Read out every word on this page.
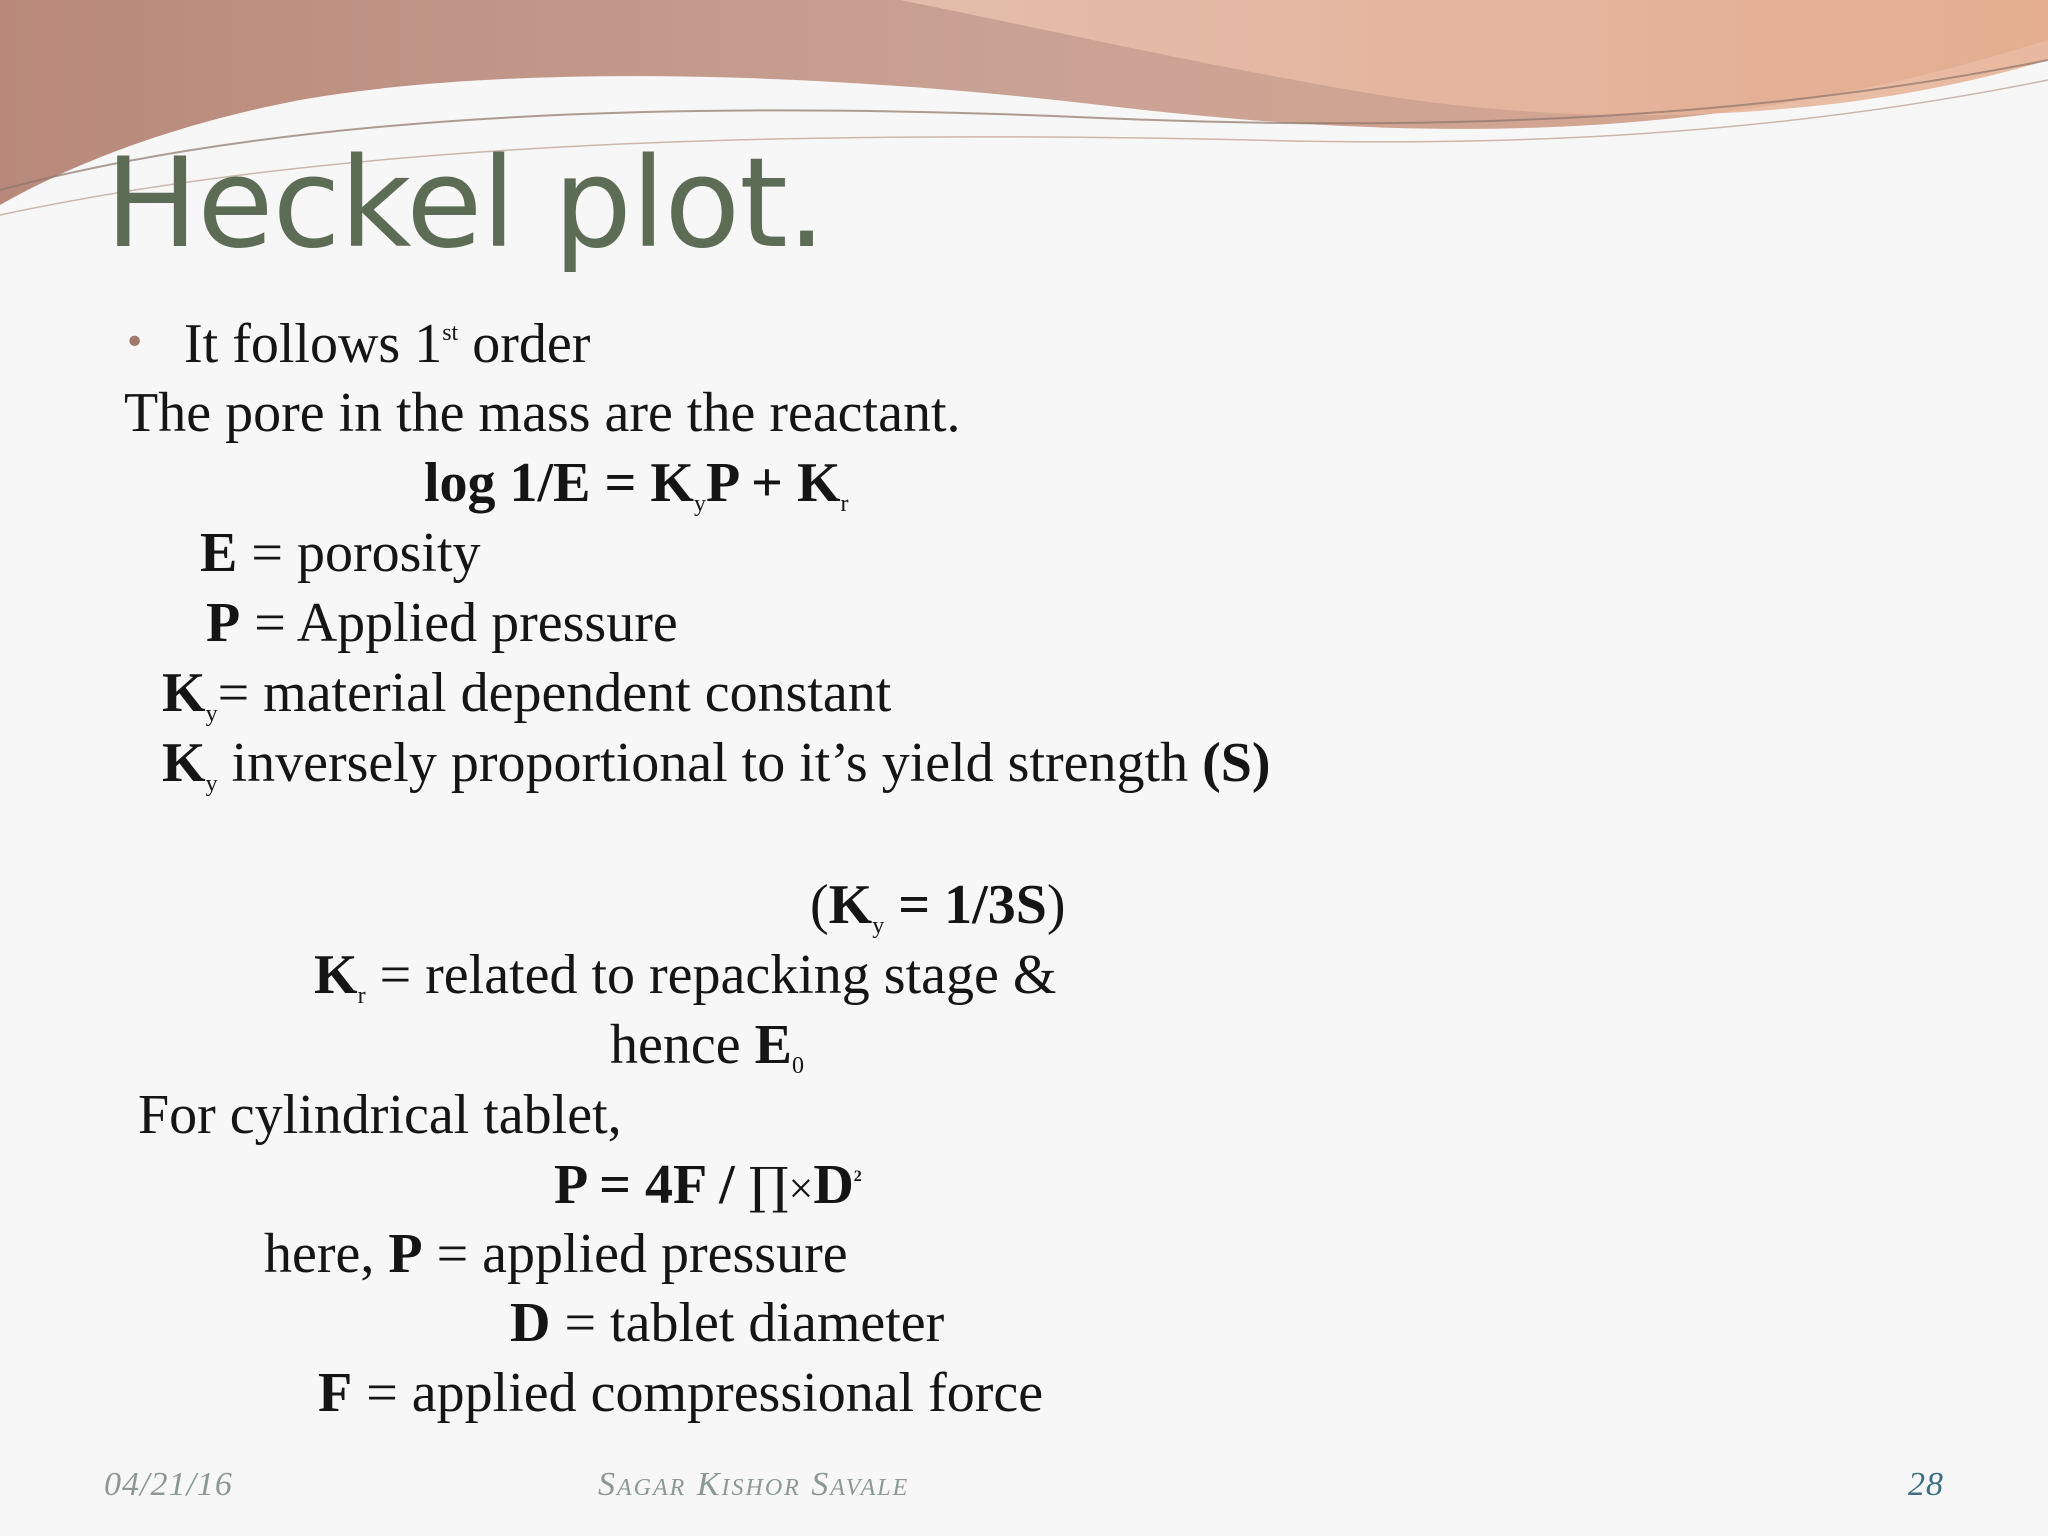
Heckel plot.
• It follows 1st order
The pore in the mass are the reactant.
$\log 1/E = K_yP + K_r$
E = porosity
P = Applied pressure
$K_y=$ material dependent constant
$K_y$ inversely proportional to it’s yield strength (S)
$(K_y = 1/3S)$
$K_r$ = related to repacking stage &
hence $E_0$
For cylindrical tablet,
$P = 4F / \prod\times D^2$
here, P = applied pressure
D = tablet diameter
F = applied compressional force
04/21/16	Sagar Kishor Savale	28
